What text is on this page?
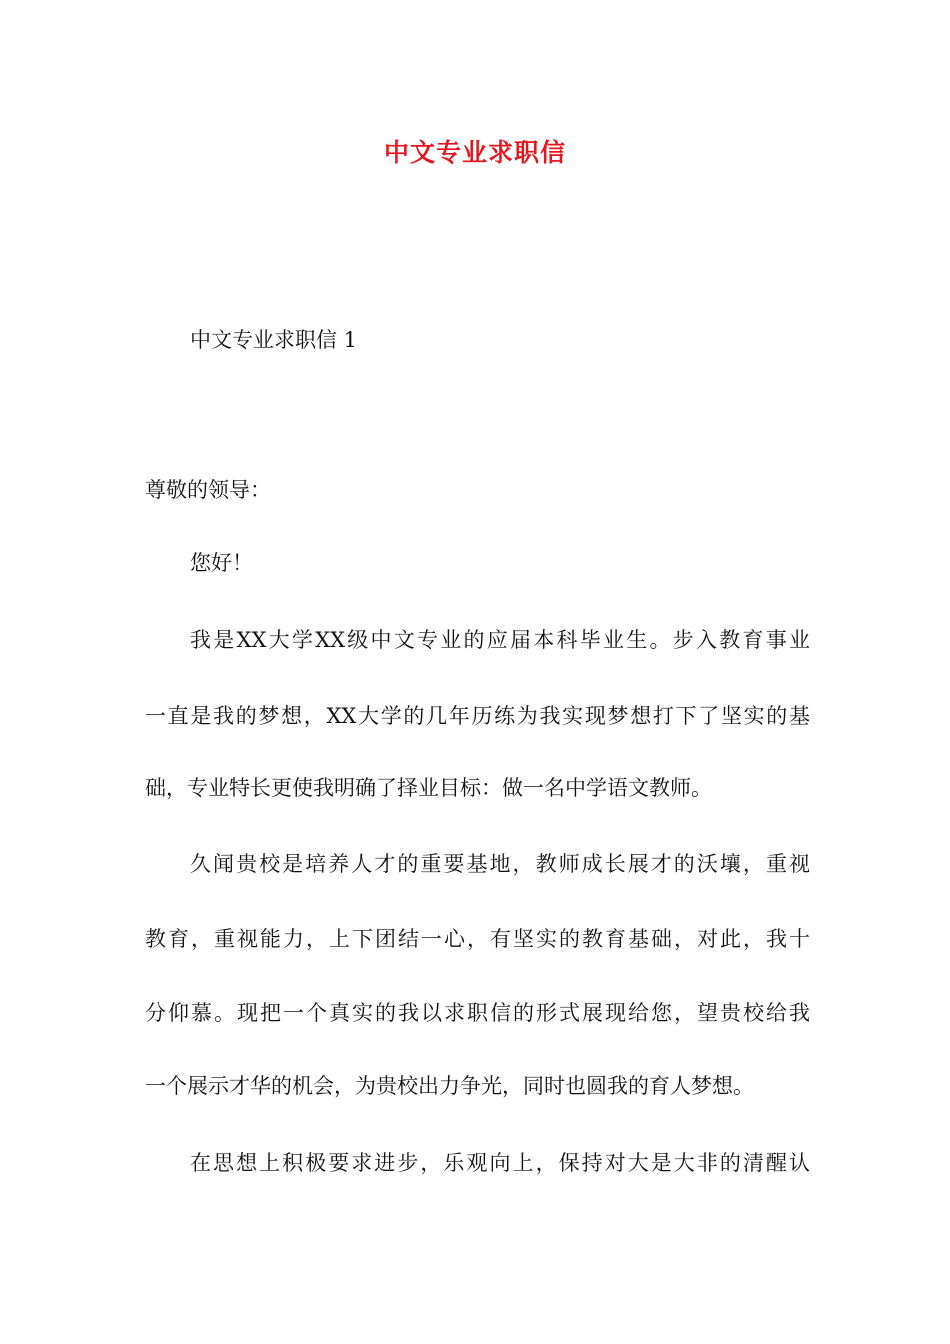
中文专业求职信
中文专业求职信 1
尊敬的领导：
您好！
我是XX大学XX级中文专业的应届本科毕业生。步入教育事业
一直是我的梦想，XX大学的几年历练为我实现梦想打下了坚实的基
础，专业特长更使我明确了择业目标：做一名中学语文教师。
久闻贵校是培养人才的重要基地，教师成长展才的沃壤，重视
教育，重视能力，上下团结一心，有坚实的教育基础，对此，我十
分仰慕。现把一个真实的我以求职信的形式展现给您，望贵校给我
一个展示才华的机会，为贵校出力争光，同时也圆我的育人梦想。
在思想上积极要求进步，乐观向上，保持对大是大非的清醒认
